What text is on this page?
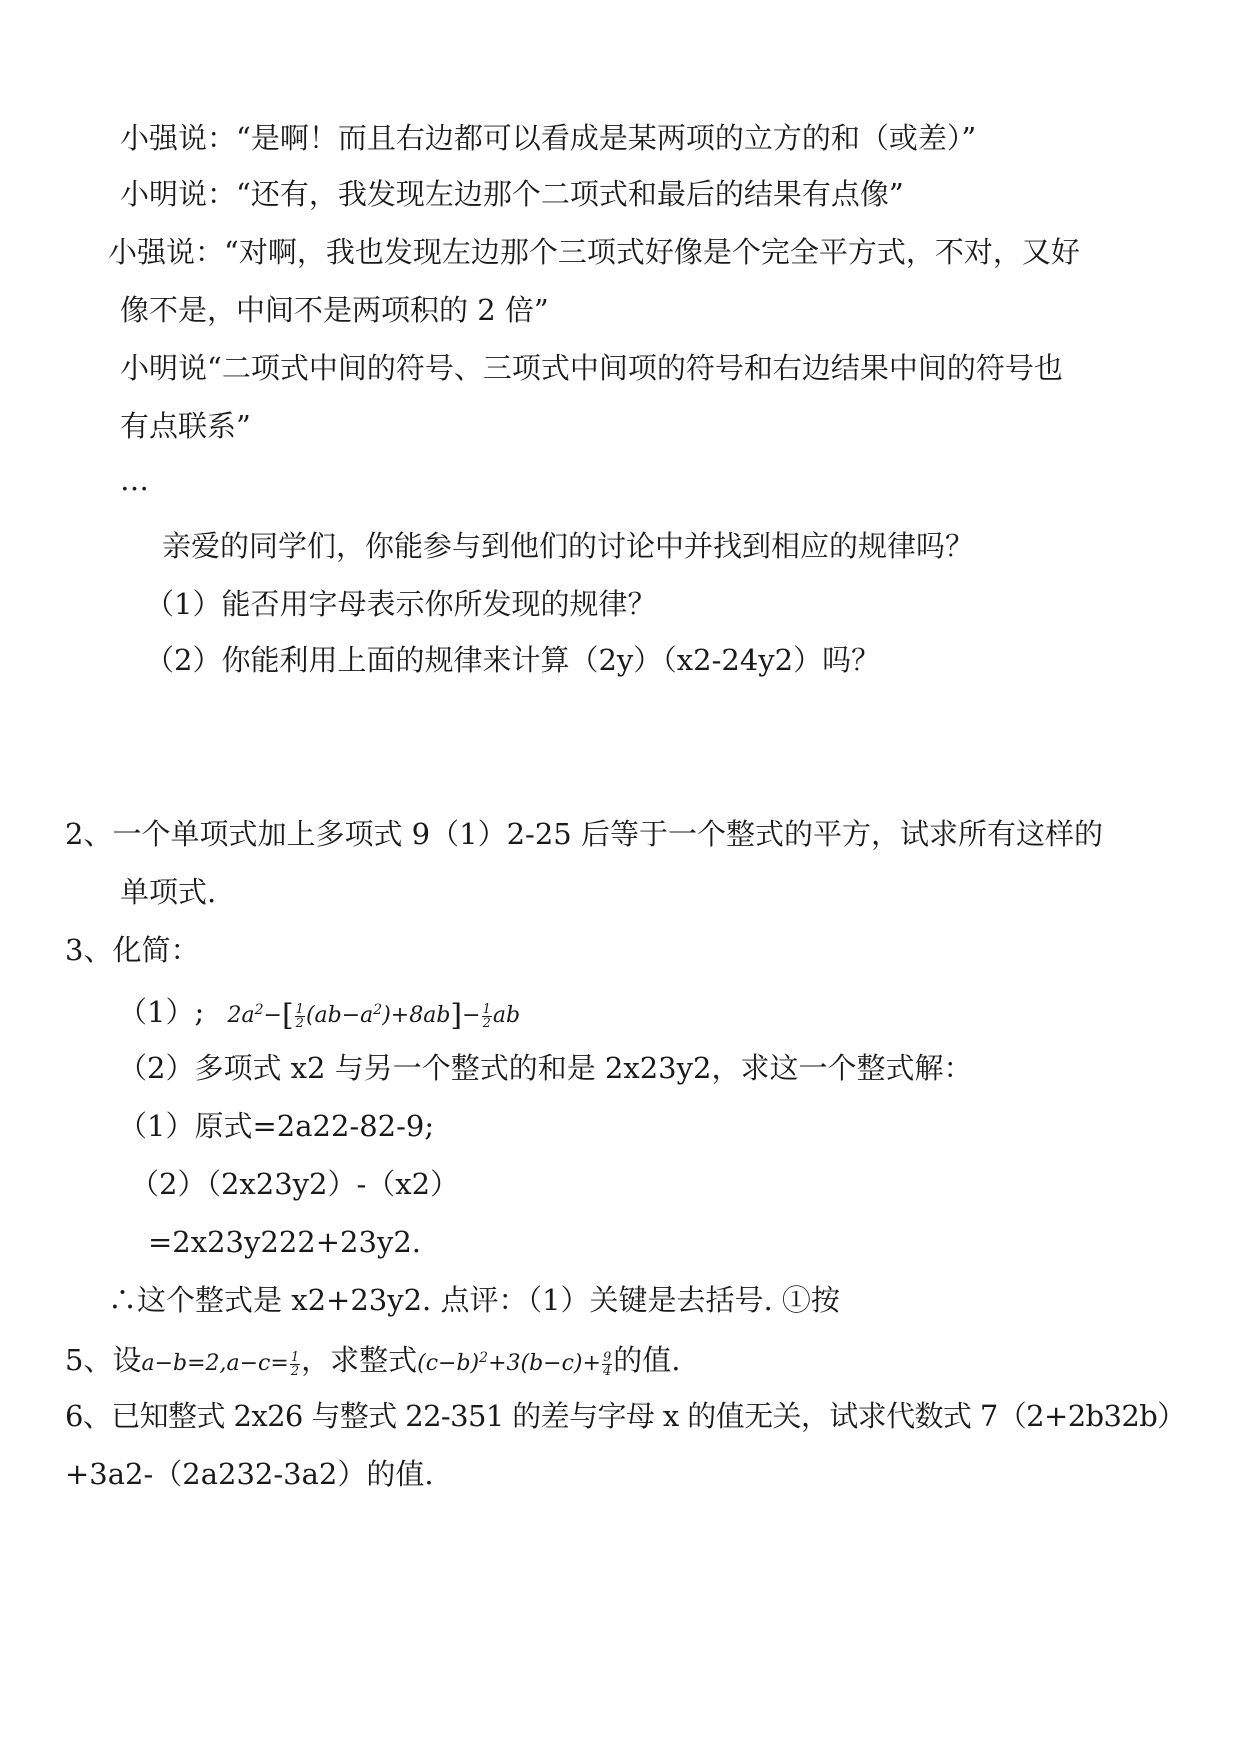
小强说：“是啊！而且右边都可以看成是某两项的立方的和（或差）”
小明说：“还有，我发现左边那个二项式和最后的结果有点像”
小强说：“对啊，我也发现左边那个三项式好像是个完全平方式，不对，又好
像不是，中间不是两项积的 2 倍”
小明说“二项式中间的符号、三项式中间项的符号和右边结果中间的符号也
有点联系”
…
亲爱的同学们，你能参与到他们的讨论中并找到相应的规律吗？
（1）能否用字母表示你所发现的规律？
（2）你能利用上面的规律来计算（2y）（x2-24y2）吗？
2、一个单项式加上多项式 9（1）2-25 后等于一个整式的平方，试求所有这样的
单项式.
3、化简：
（1）; $2a^2-[ \frac{1}{2} (ab-a^2)+8ab]- \frac{1}{2}$ ab
（2）多项式 x2 与另一个整式的和是 2x23y2，求这一个整式解：
（1）原式=2a22-82-9;
（2）（2x23y2）-（x2）
=2x23y222+23y2.
∴这个整式是 x2+23y2. 点评：（1）关键是去括号. ①按
5、设$a-b=2,a-c= \frac{1}{2}$ ，求整式$(c-b)^2+3(b-c)+ \frac{9}{4}$ 的值.
6、已知整式 2x26 与整式 22-351 的差与字母 x 的值无关，试求代数式 7（2+2b32b）
+3a2-（2a232-3a2）的值.
